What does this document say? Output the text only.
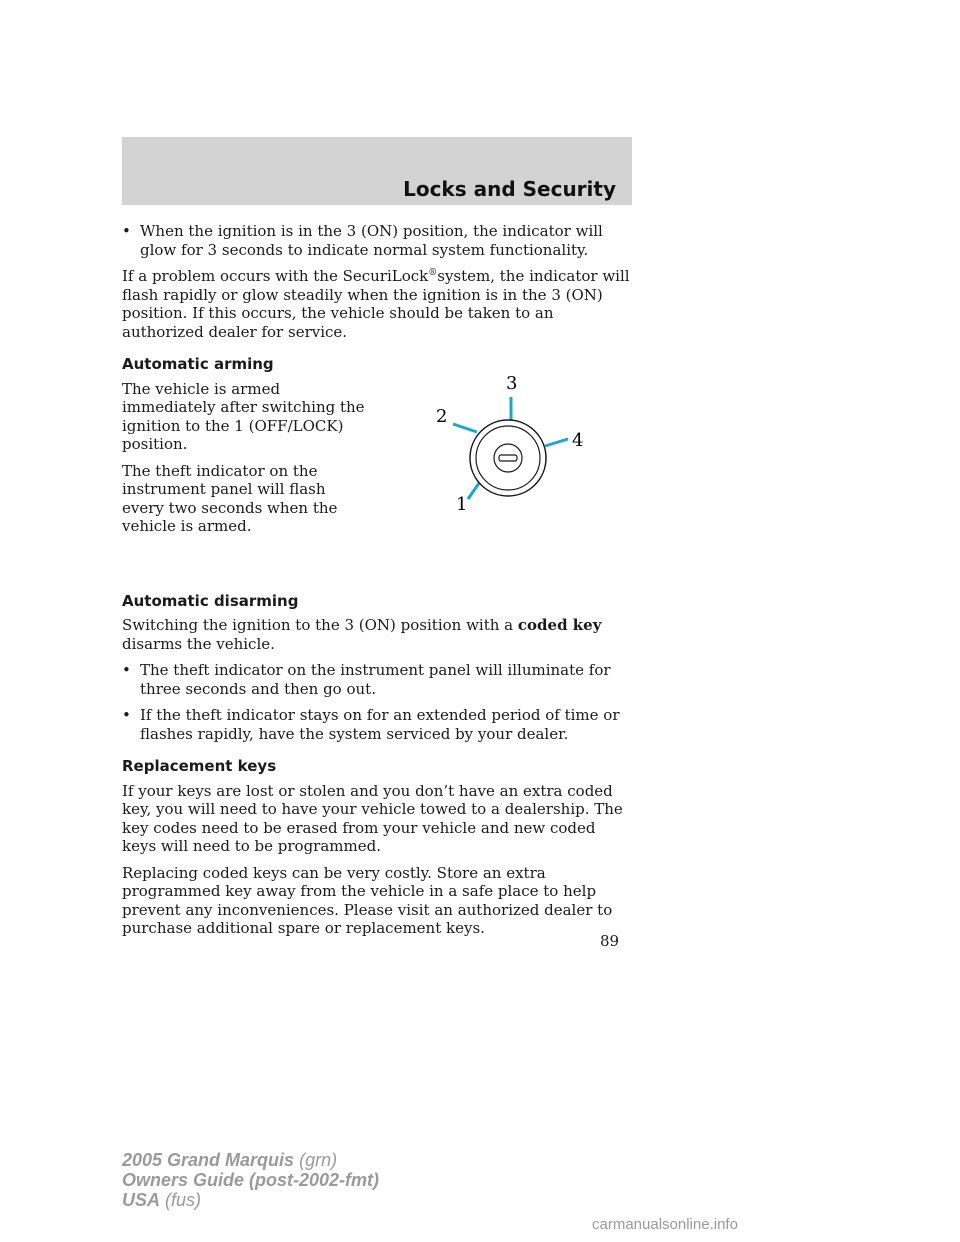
Locks and Security
• When the ignition is in the 3 (ON) position, the indicator will glow for 3 seconds to indicate normal system functionality.

If a problem occurs with the SecuriLock®system, the indicator will flash rapidly or glow steadily when the ignition is in the 3 (ON) position. If this occurs, the vehicle should be taken to an authorized dealer for service.

Automatic arming

The vehicle is armed immediately after switching the ignition to the 1 (OFF/LOCK) position.

The theft indicator on the instrument panel will flash every two seconds when the vehicle is armed.

Automatic disarming

Switching the ignition to the 3 (ON) position with a coded key disarms the vehicle.

• The theft indicator on the instrument panel will illuminate for three seconds and then go out.
• If the theft indicator stays on for an extended period of time or flashes rapidly, have the system serviced by your dealer.
Replacement keys

If your keys are lost or stolen and you don’t have an extra coded key, you will need to have your vehicle towed to a dealership. The key codes need to be erased from your vehicle and new coded keys will need to be programmed.

Replacing coded keys can be very costly. Store an extra programmed key away from the vehicle in a safe place to help prevent any inconveniences. Please visit an authorized dealer to purchase additional spare or replacement keys.

1
2
3
4
89
2005 Grand Marquis (grn)
Owners Guide (post-2002-fmt)
USA (fus)
carmanualsonline.info
